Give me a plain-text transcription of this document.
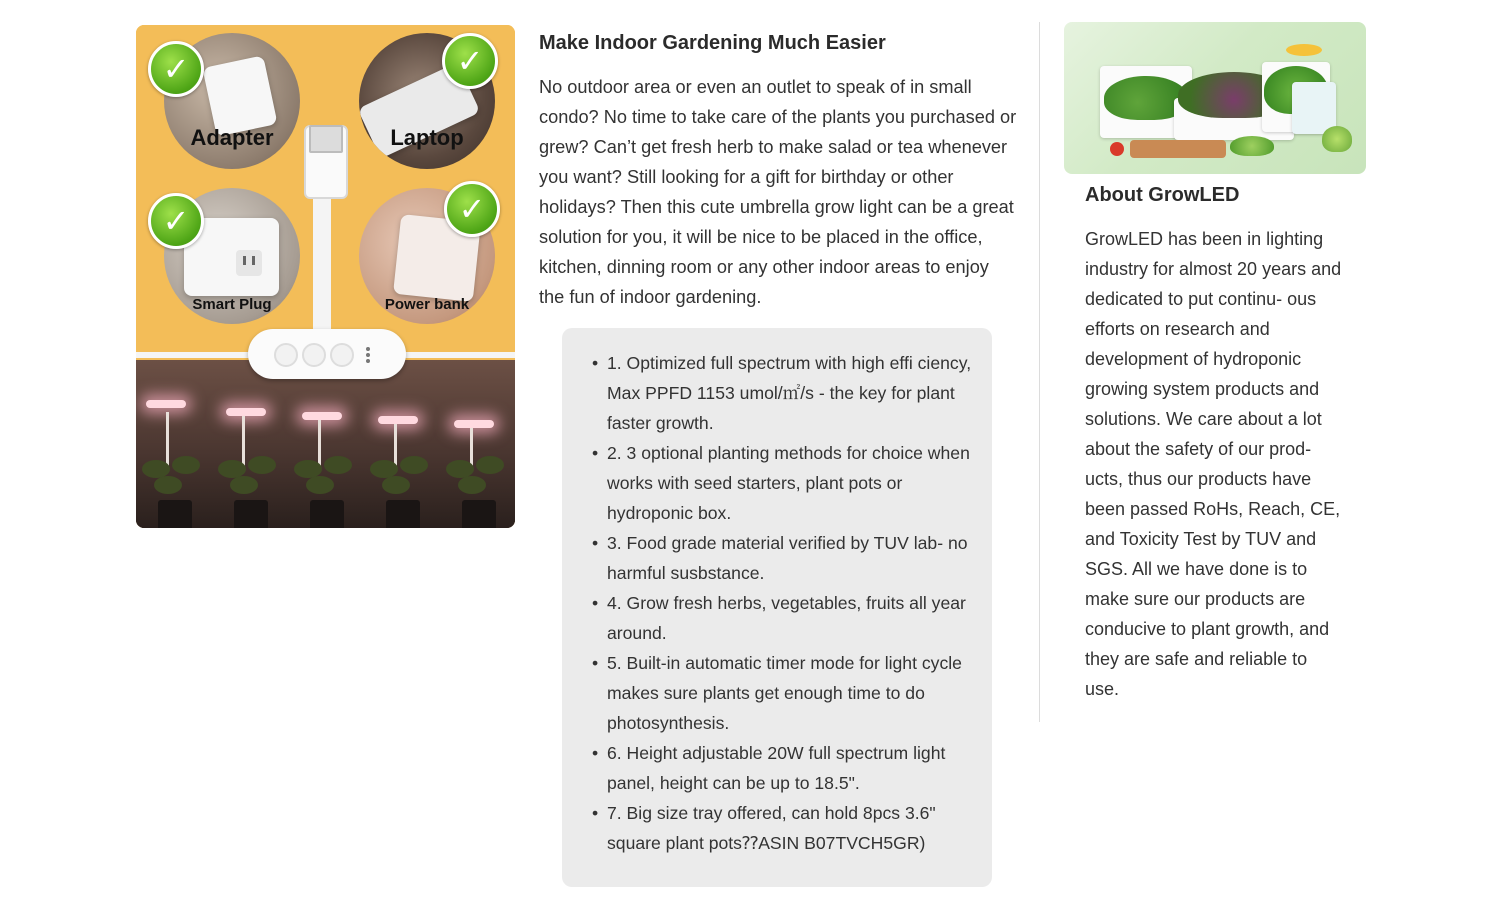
Adapter	Laptop
Smart Plug	Power bank
✓	✓
✓	✓
Make Indoor Gardening Much Easier

No outdoor area or even an outlet to speak of in small condo? No time to take care of the plants you purchased or grew? Can’t get fresh herb to make salad or tea whenever you want? Still looking for a gift for birthday or other holidays? Then this cute umbrella grow light can be a great solution for you, it will be nice to be placed in the office, kitchen, dinning room or any other indoor areas to enjoy the fun of indoor gardening.

• 1. Optimized full spectrum with high effi ciency, Max PPFD 1153 umol/㎡/s - the key for plant faster growth.
• 2. 3 optional planting methods for choice when works with seed starters, plant pots or hydroponic box.
• 3. Food grade material verified by TUV lab- no harmful susbstance.
• 4. Grow fresh herbs, vegetables, fruits all year around.
• 5. Built-in automatic timer mode for light cycle makes sure plants get enough time to do photosynthesis.
• 6. Height adjustable 20W full spectrum light panel, height can be up to 18.5".
• 7. Big size tray offered, can hold 8pcs 3.6" square plant pots⁇ASIN B07TVCH5GR)
About GrowLED

GrowLED has been in lighting industry for almost 20 years and dedicated to put continu- ous efforts on research and development of hydroponic growing system products and solutions. We care about a lot about the safety of our prod- ucts, thus our products have been passed RoHs, Reach, CE, and Toxicity Test by TUV and SGS. All we have done is to make sure our products are conducive to plant growth, and they are safe and reliable to use.
